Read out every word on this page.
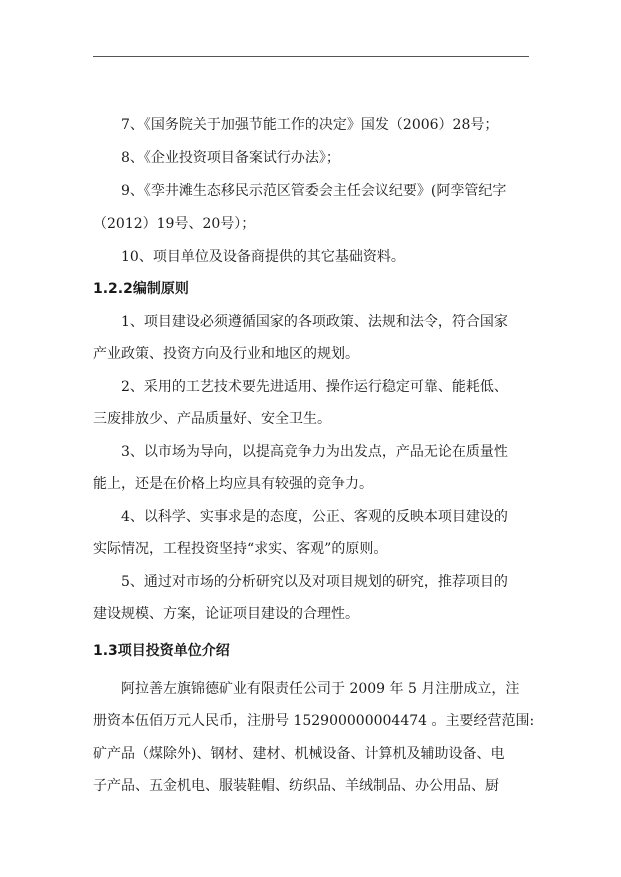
7、《国务院关于加强节能工作的决定》国发（2006）28号；
8、《企业投资项目备案试行办法》；
9、《孪井滩生态移民示范区管委会主任会议纪要》(阿孪管纪字
（2012）19号、20号）；
10、项目单位及设备商提供的其它基础资料。
1.2.2编制原则
1、项目建设必须遵循国家的各项政策、法规和法令，符合国家
产业政策、投资方向及行业和地区的规划。
2、采用的工艺技术要先进适用、操作运行稳定可靠、能耗低、
三废排放少、产品质量好、安全卫生。
3、以市场为导向，以提高竞争力为出发点，产品无论在质量性
能上，还是在价格上均应具有较强的竞争力。
4、以科学、实事求是的态度，公正、客观的反映本项目建设的
实际情况，工程投资坚持“求实、客观”的原则。
5、通过对市场的分析研究以及对项目规划的研究，推荐项目的
建设规模、方案，论证项目建设的合理性。
1.3项目投资单位介绍
阿拉善左旗锦德矿业有限责任公司于 2009 年 5 月注册成立，注
册资本伍佰万元人民币，注册号 152900000004474 。主要经营范围:
矿产品（煤除外)、钢材、建材、机械设备、计算机及辅助设备、电
子产品、五金机电、服装鞋帽、纺织品、羊绒制品、办公用品、厨
